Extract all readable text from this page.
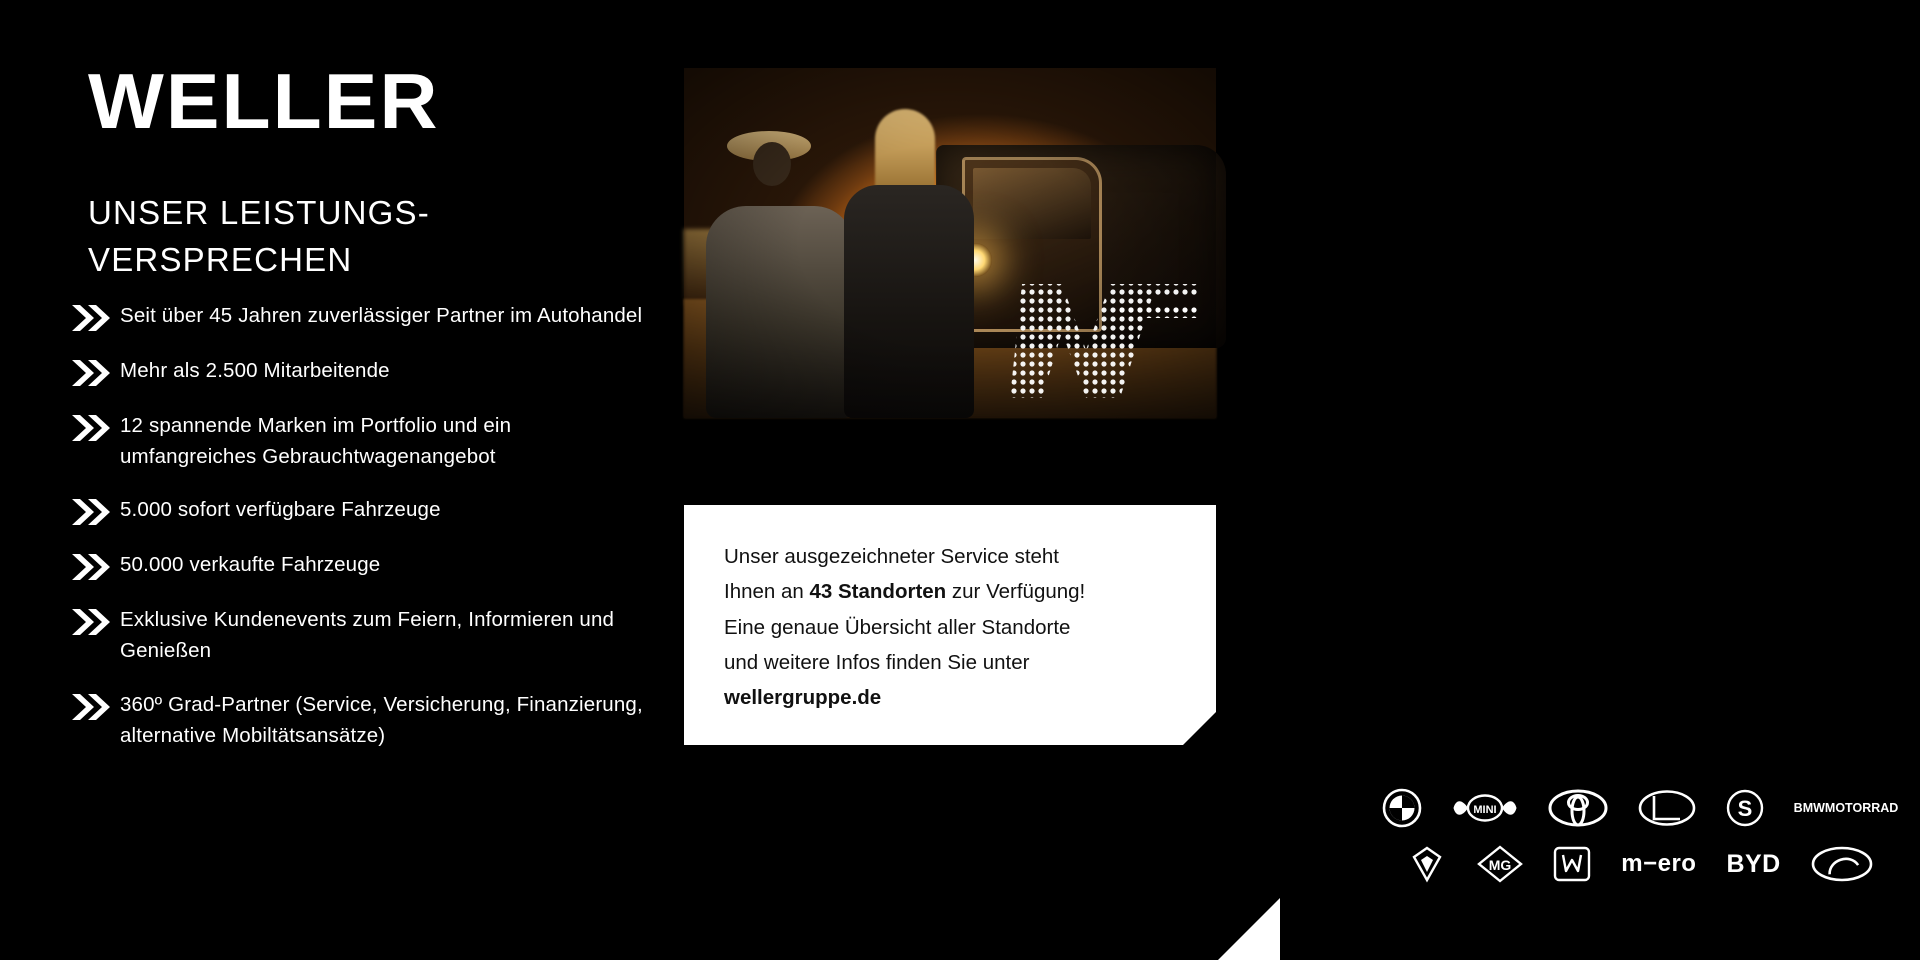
WELLER
UNSER LEISTUNGS-
VERSPRECHEN
Seit über 45 Jahren zuverlässiger Partner im Autohandel
Mehr als 2.500 Mitarbeitende
12 spannende Marken im Portfolio und ein umfangreiches Gebrauchtwagenangebot
5.000 sofort verfügbare Fahrzeuge
50.000 verkaufte Fahrzeuge
Exklusive Kundenevents zum Feiern, Informieren und Genießen
360º Grad-Partner (Service, Versicherung, Finanzierung, alternative Mobiltätsansätze)
Unser ausgezeichneter Service steht
Ihnen an 43 Standorten zur Verfügung!
Eine genaue Übersicht aller Standorte
und weitere Infos finden Sie unter
wellergruppe.de
MINI	S	BMW MOTORRAD
MG	m−ero BYD
